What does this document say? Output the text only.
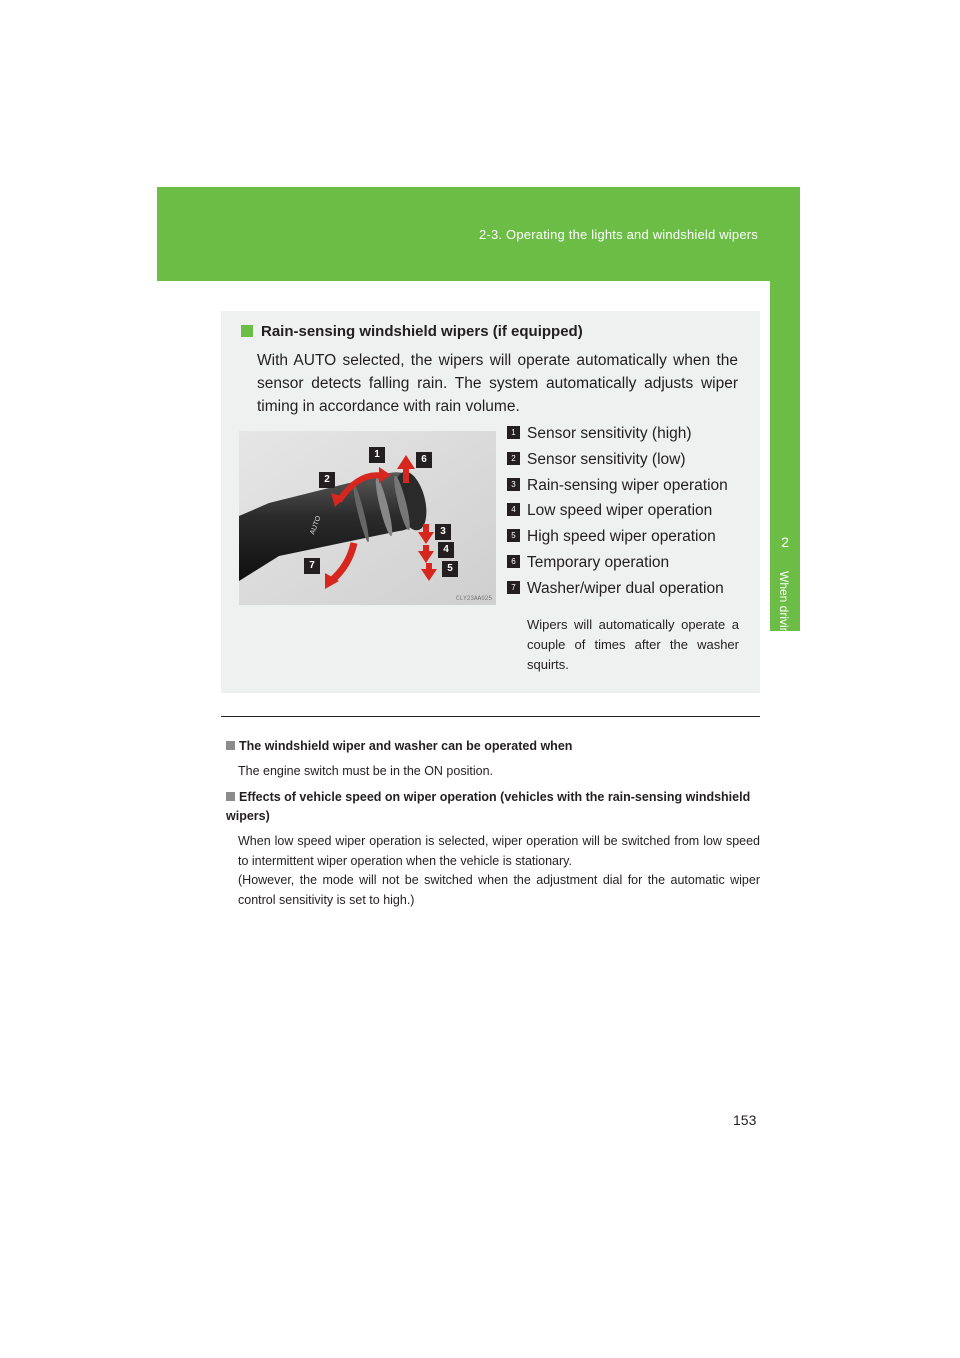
2-3. Operating the lights and windshield wipers
2
When driving
Rain-sensing windshield wipers (if equipped)
With AUTO selected, the wipers will operate automatically when the sensor detects falling rain. The system automatically adjusts wiper timing in accordance with rain volume.
AUTO
1	6
2
3
4
5
7
CLY23AA025
1 Sensor sensitivity (high)
2 Sensor sensitivity (low)
3 Rain-sensing wiper operation
4 Low speed wiper operation
5 High speed wiper operation
6 Temporary operation
7 Washer/wiper dual operation
Wipers will automatically operate a couple of times after the washer squirts.
The windshield wiper and washer can be operated when

The engine switch must be in the ON position.

Effects of vehicle speed on wiper operation (vehicles with the rain-sensing windshield wipers)

When low speed wiper operation is selected, wiper operation will be switched from low speed to intermittent wiper operation when the vehicle is stationary.

(However, the mode will not be switched when the adjustment dial for the automatic wiper control sensitivity is set to high.)

153
